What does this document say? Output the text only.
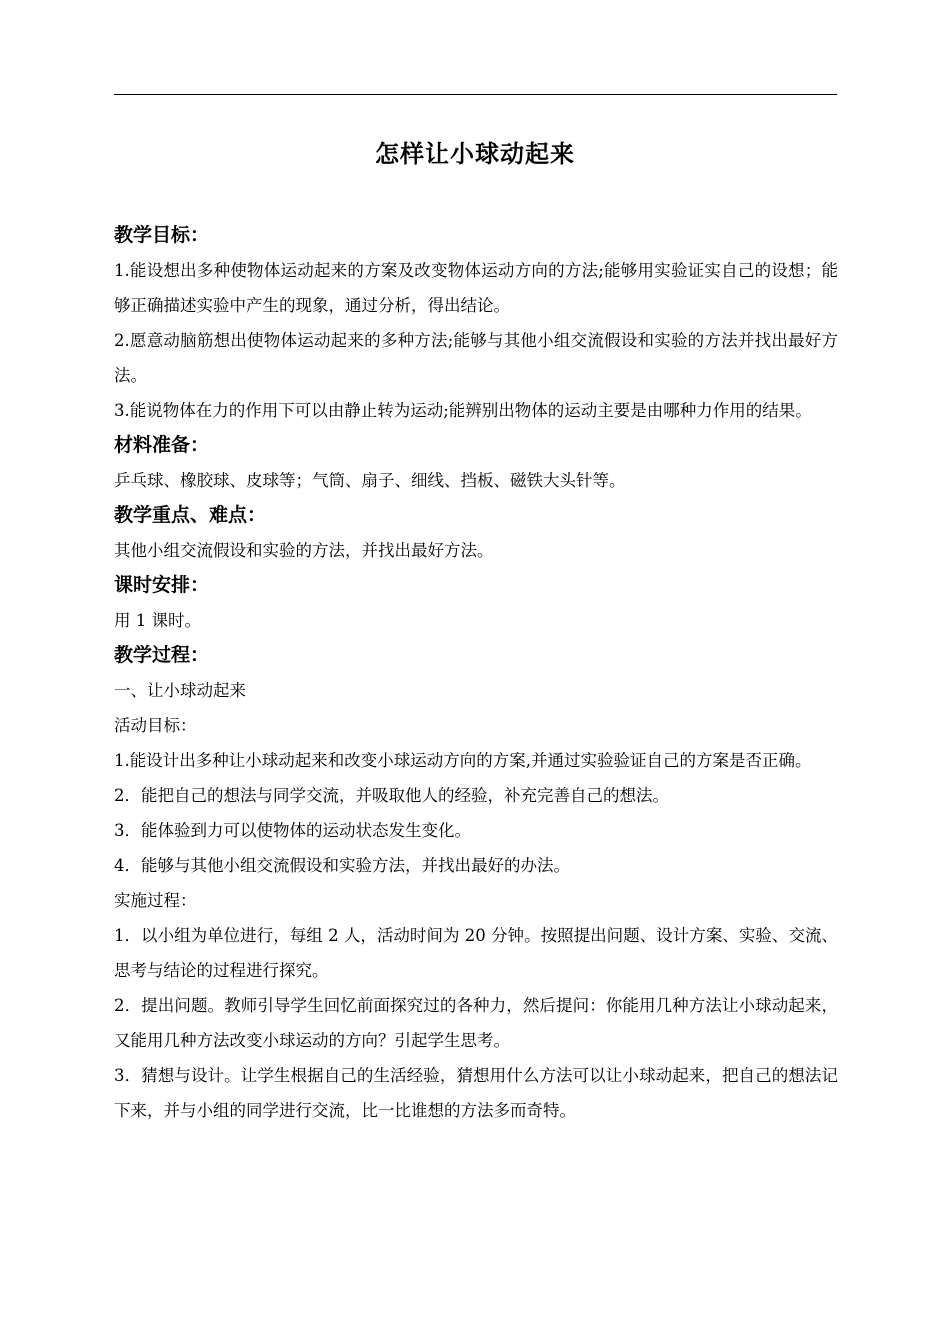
怎样让小球动起来
教学目标：

1.能设想出多种使物体运动起来的方案及改变物体运动方向的方法;能够用实验证实自己的设想；能够正确描述实验中产生的现象，通过分析，得出结论。

2.愿意动脑筋想出使物体运动起来的多种方法;能够与其他小组交流假设和实验的方法并找出最好方法。

3.能说物体在力的作用下可以由静止转为运动;能辨别出物体的运动主要是由哪种力作用的结果。

材料准备：

乒乓球、橡胶球、皮球等；气筒、扇子、细线、挡板、磁铁大头针等。

教学重点、难点：

其他小组交流假设和实验的方法，并找出最好方法。

课时安排：

用 1 课时。

教学过程：

一、让小球动起来

活动目标：

1.能设计出多种让小球动起来和改变小球运动方向的方案,并通过实验验证自己的方案是否正确。

2．能把自己的想法与同学交流，并吸取他人的经验，补充完善自己的想法。

3．能体验到力可以使物体的运动状态发生变化。

4．能够与其他小组交流假设和实验方法，并找出最好的办法。

实施过程：

1．以小组为单位进行，每组 2 人，活动时间为 20 分钟。按照提出问题、设计方案、实验、交流、思考与结论的过程进行探究。

2．提出问题。教师引导学生回忆前面探究过的各种力，然后提问：你能用几种方法让小球动起来，又能用几种方法改变小球运动的方向？引起学生思考。

3．猜想与设计。让学生根据自己的生活经验，猜想用什么方法可以让小球动起来，把自己的想法记下来，并与小组的同学进行交流，比一比谁想的方法多而奇特。
